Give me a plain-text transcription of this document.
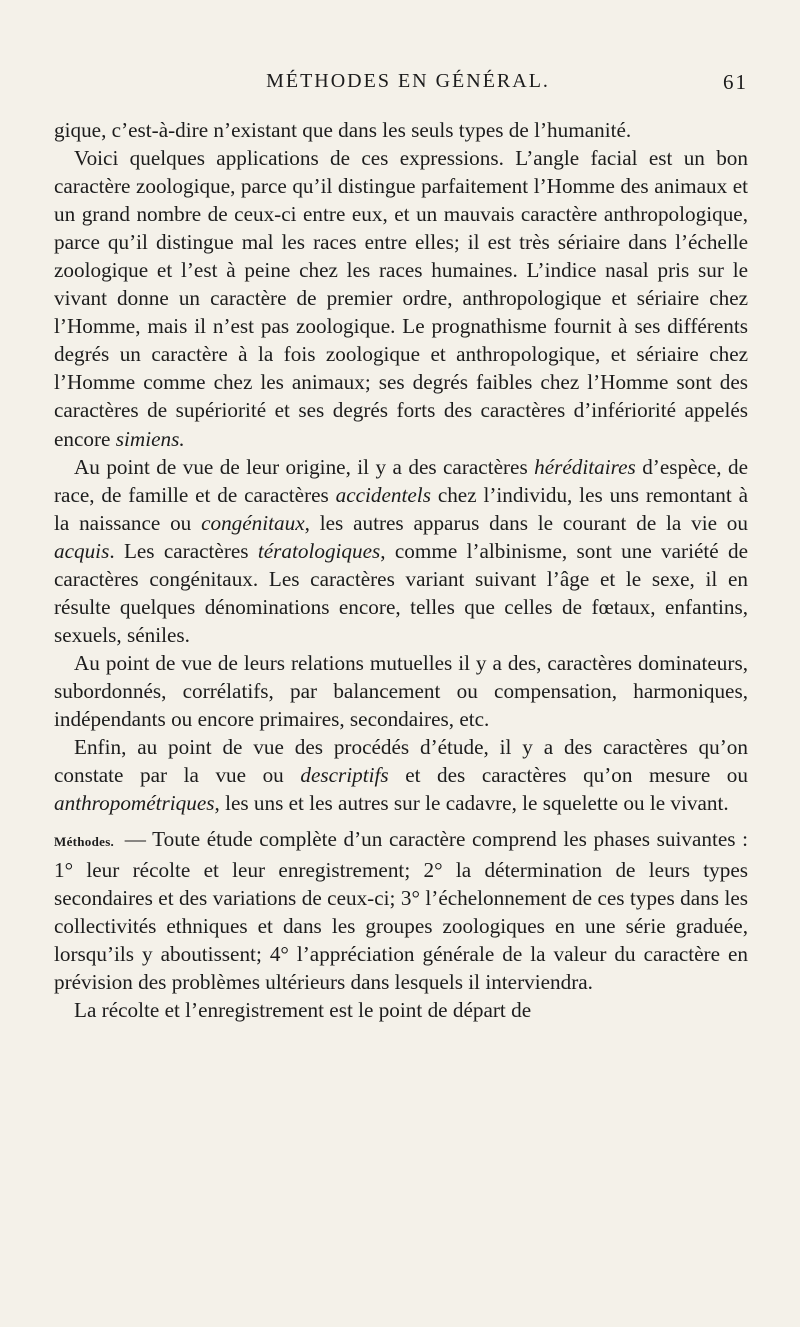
MÉTHODES EN GÉNÉRAL.	61

gique, c’est-à-dire n’existant que dans les seuls types de l’humanité.

Voici quelques applications de ces expressions. L’angle facial est un bon caractère zoologique, parce qu’il distingue parfaitement l’Homme des animaux et un grand nombre de ceux-ci entre eux, et un mauvais caractère anthropologique, parce qu’il distingue mal les races entre elles; il est très sériaire dans l’échelle zoologique et l’est à peine chez les races humaines. L’indice nasal pris sur le vivant donne un caractère de premier ordre, anthropologique et sériaire chez l’Homme, mais il n’est pas zoologique. Le prognathisme fournit à ses différents degrés un caractère à la fois zoologique et anthropologique, et sériaire chez l’Homme comme chez les animaux; ses degrés faibles chez l’Homme sont des caractères de supériorité et ses degrés forts des caractères d’infériorité appelés encore simiens.

Au point de vue de leur origine, il y a des caractères héréditaires d’espèce, de race, de famille et de caractères accidentels chez l’individu, les uns remontant à la naissance ou congénitaux, les autres apparus dans le courant de la vie ou acquis. Les caractères tératologiques, comme l’albinisme, sont une variété de caractères congénitaux. Les caractères variant suivant l’âge et le sexe, il en résulte quelques dénominations encore, telles que celles de fœtaux, enfantins, sexuels, séniles.

Au point de vue de leurs relations mutuelles il y a des, caractères dominateurs, subordonnés, corrélatifs, par balancement ou compensation, harmoniques, indépendants ou encore primaires, secondaires, etc.

Enfin, au point de vue des procédés d’étude, il y a des caractères qu’on constate par la vue ou descriptifs et des caractères qu’on mesure ou anthropométriques, les uns et les autres sur le cadavre, le squelette ou le vivant.

Méthodes. — Toute étude complète d’un caractère comprend les phases suivantes : 1° leur récolte et leur enregistrement; 2° la détermination de leurs types secondaires et des variations de ceux-ci; 3° l’échelonnement de ces types dans les collectivités ethniques et dans les groupes zoologiques en une série graduée, lorsqu’ils y aboutissent; 4° l’appréciation générale de la valeur du caractère en prévision des problèmes ultérieurs dans lesquels il interviendra.

La récolte et l’enregistrement est le point de départ de
